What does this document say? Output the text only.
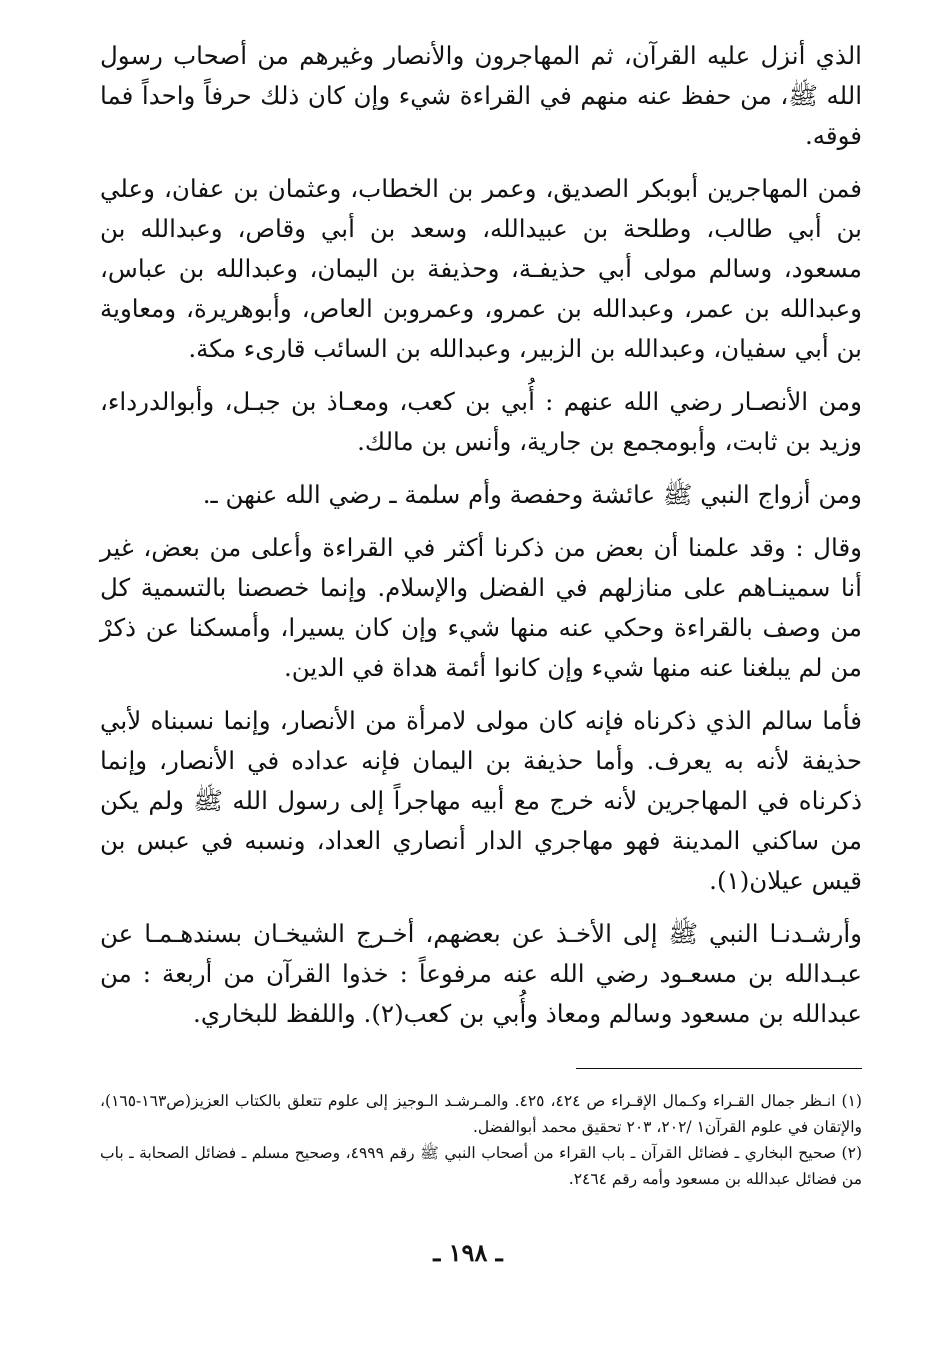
الذي أنزل عليه القرآن، ثم المهاجرون والأنصار وغيرهم من أصحاب رسول الله ﷺ، من حفظ عنه منهم في القراءة شيء وإن كان ذلك حرفاً واحداً فما فوقه.

فمن المهاجرين أبوبكر الصديق، وعمر بن الخطاب، وعثمان بن عفان، وعلي بن أبي طالب، وطلحة بن عبيدالله، وسعد بن أبي وقاص، وعبدالله بن مسعود، وسالم مولى أبي حذيفـة، وحذيفة بن اليمان، وعبدالله بن عباس، وعبدالله بن عمر، وعبدالله بن عمرو، وعمروبن العاص، وأبوهريرة، ومعاوية بن أبي سفيان، وعبدالله بن الزبير، وعبدالله بن السائب قارىء مكة.

ومن الأنصـار رضي الله عنهم : أُبي بن كعب، ومعـاذ بن جبـل، وأبوالدرداء، وزيد بن ثابت، وأبومجمع بن جارية، وأنس بن مالك.

ومن أزواج النبي ﷺ عائشة وحفصة وأم سلمة ـ رضي الله عنهن ـ.

وقال : وقد علمنا أن بعض من ذكرنا أكثر في القراءة وأعلى من بعض، غير أنا سمينـاهم على منازلهم في الفضل والإسلام. وإنما خصصنا بالتسمية كل من وصف بالقراءة وحكي عنه منها شيء وإن كان يسيرا، وأمسكنا عن ذكرْ من لم يبلغنا عنه منها شيء وإن كانوا أئمة هداة في الدين.

فأما سالم الذي ذكرناه فإنه كان مولى لامرأة من الأنصار، وإنما نسبناه لأبي حذيفة لأنه به يعرف. وأما حذيفة بن اليمان فإنه عداده في الأنصار، وإنما ذكرناه في المهاجرين لأنه خرج مع أبيه مهاجراً إلى رسول الله ﷺ ولم يكن من ساكني المدينة فهو مهاجري الدار أنصاري العداد، ونسبه في عبس بن قيس عيلان(١).

وأرشـدنـا النبي ﷺ إلى الأخـذ عن بعضهم، أخـرج الشيخـان بسندهـمـا عن عبـدالله بن مسعـود رضي الله عنه مرفوعاً : خذوا القرآن من أربعة : من عبدالله بن مسعود وسالم ومعاذ وأُبي بن كعب(٢). واللفظ للبخاري.

(١) انـظر جمال القـراء وكـمال الإقـراء ص ٤٢٤، ٤٢٥. والمـرشـد الـوجيز إلى علوم تتعلق بالكتاب العزيز(ص١٦٣-١٦٥)، والإتقان في علوم القرآن١ /٢٠٢، ٢٠٣ تحقيق محمد أبوالفضل.

(٢) صحيح البخاري ـ فضائل القرآن ـ باب القراء من أصحاب النبي ﷺ رقم ٤٩٩٩، وصحيح مسلم ـ فضائل الصحابة ـ باب من فضائل عبدالله بن مسعود وأمه رقم ٢٤٦٤.

ـ ١٩٨ ـ
